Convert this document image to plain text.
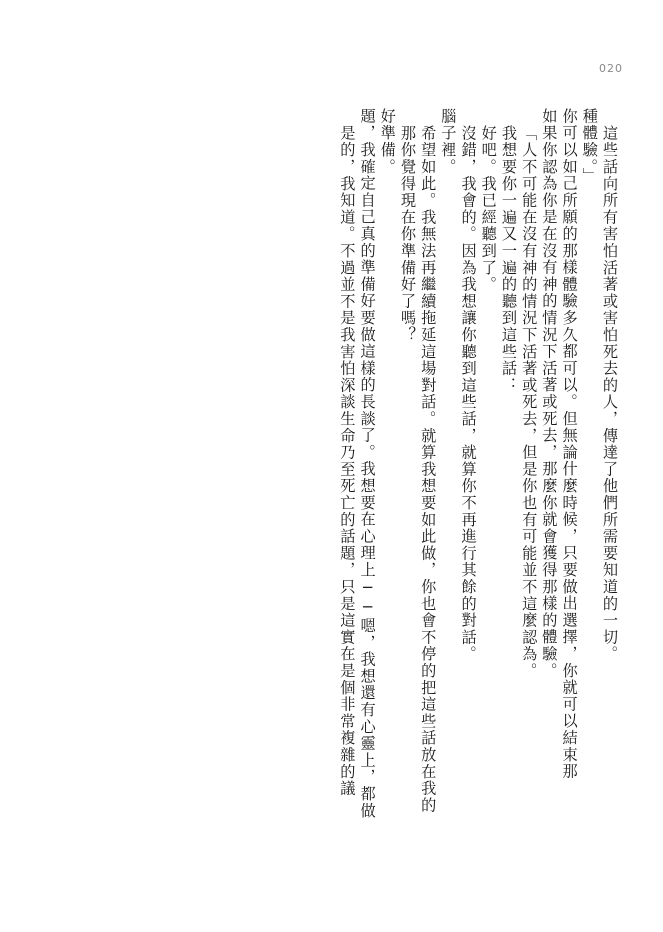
020
是的，我知道。不過並不是我害怕深談生命乃至死亡的話題，只是這實在是個非常複雜的議 題，我確定自己真的準備好要做這樣的長談了。我想要在心理上──嗯，我想還有心靈上，都做 好準備。 那你覺得現在你準備好了嗎？ 希望如此。我無法再繼續拖延這場對話。就算我想要如此做，你也會不停的把這些話放在我的 腦子裡。 沒錯，我會的。因為我想讓你聽到這些話，就算你不再進行其餘的對話。 好吧。我已經聽到了。 我想要你一遍又一遍的聽到這些話： 「人不可能在沒有神的情況下活著或死去，但是你也有可能並不這麼認為。 如果你認為你是在沒有神的情況下活著或死去，那麼你就會獲得那樣的體驗。 你可以如己所願的那樣體驗多久都可以。但無論什麼時候，只要做出選擇，你就可以結束那 種體驗。」 這些話向所有害怕活著或害怕死去的人，傳達了他們所需要知道的一切。
